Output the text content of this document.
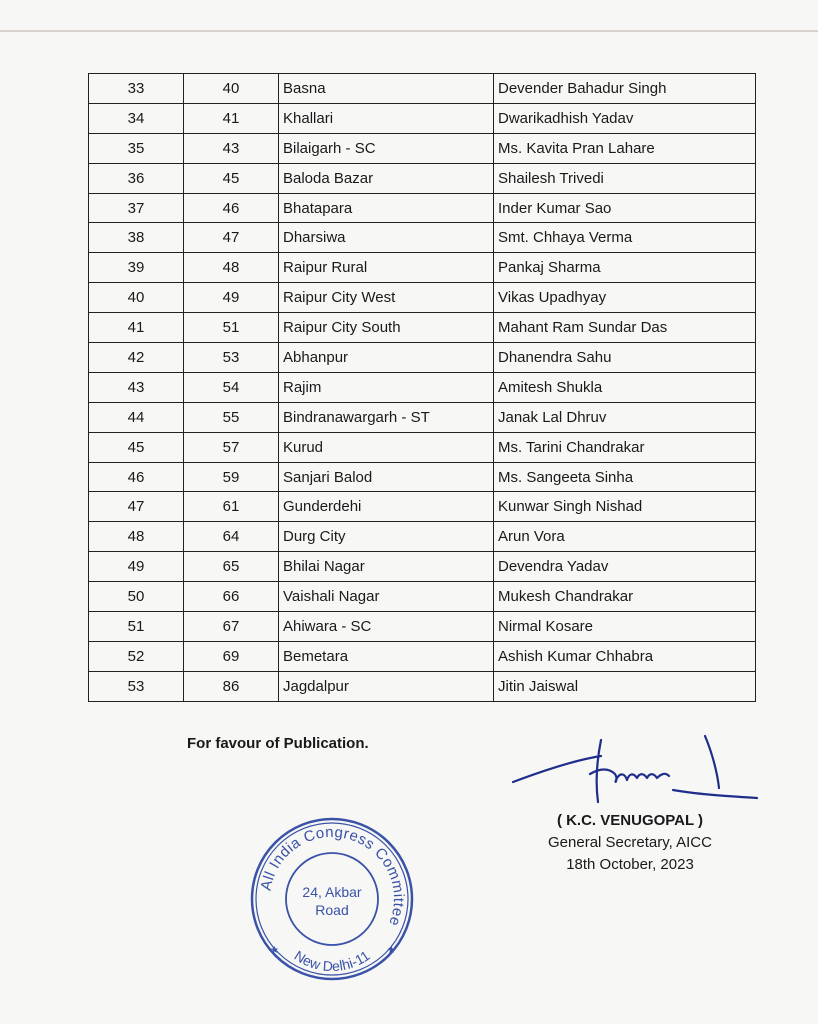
33	40	Basna	Devender Bahadur Singh
34	41	Khallari	Dwarikadhish Yadav
35	43	Bilaigarh - SC	Ms. Kavita Pran Lahare
36	45	Baloda Bazar	Shailesh Trivedi
37	46	Bhatapara	Inder Kumar Sao
38	47	Dharsiwa	Smt. Chhaya Verma
39	48	Raipur Rural	Pankaj Sharma
40	49	Raipur City West	Vikas Upadhyay
41	51	Raipur City South	Mahant Ram Sundar Das
42	53	Abhanpur	Dhanendra Sahu
43	54	Rajim	Amitesh Shukla
44	55	Bindranawargarh - ST	Janak Lal Dhruv
45	57	Kurud	Ms. Tarini Chandrakar
46	59	Sanjari Balod	Ms. Sangeeta Sinha
47	61	Gunderdehi	Kunwar Singh Nishad
48	64	Durg City	Arun Vora
49	65	Bhilai Nagar	Devendra Yadav
50	66	Vaishali Nagar	Mukesh Chandrakar
51	67	Ahiwara - SC	Nirmal Kosare
52	69	Bemetara	Ashish Kumar Chhabra
53	86	Jagdalpur	Jitin Jaiswal
For favour of Publication.
( K.C. VENUGOPAL )
General Secretary, AICC
18th October, 2023
All India Congress Committee
New Delhi-11
24, Akbar
Road
★	★
